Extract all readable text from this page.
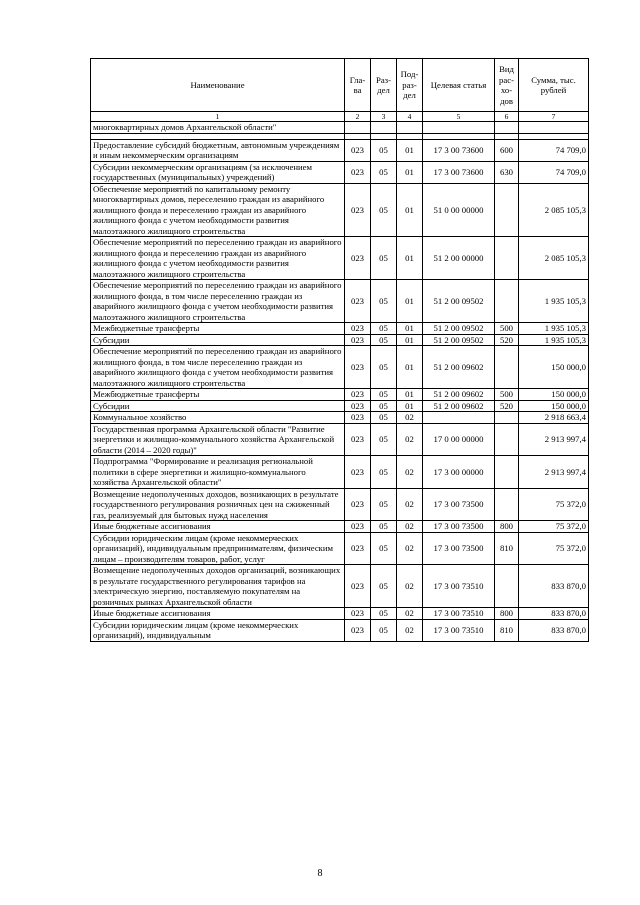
Наименование	Гла-ва	Раз-дел	Под-раз-дел	Целевая статья	Вид рас-хо-дов	Сумма, тыс. рублей
1	2	3	4	5	6	7
многоквартирных домов Архангельской области"						

Предоставление субсидий бюджетным, автономным учреждениям и иным некоммерческим организациям	023	05	01	17 3 00 73600	600	74 709,0
Субсидии некоммерческим организациям (за исключением государственных (муниципальных) учреждений)	023	05	01	17 3 00 73600	630	74 709,0
Обеспечение мероприятий по капитальному ремонту многоквартирных домов, переселению граждан из аварийного жилищного фонда и переселению граждан из аварийного жилищного фонда с учетом необходимости развития малоэтажного жилищного строительства	023	05	01	51 0 00 00000		2 085 105,3
Обеспечение мероприятий по переселению граждан из аварийного жилищного фонда и переселению граждан из аварийного жилищного фонда с учетом необходимости развития малоэтажного жилищного строительства	023	05	01	51 2 00 00000		2 085 105,3
Обеспечение мероприятий по переселению граждан из аварийного жилищного фонда, в том числе переселению граждан из аварийного жилищного фонда с учетом необходимости развития малоэтажного жилищного строительства	023	05	01	51 2 00 09502		1 935 105,3
Межбюджетные трансферты	023	05	01	51 2 00 09502	500	1 935 105,3
Субсидии	023	05	01	51 2 00 09502	520	1 935 105,3
Обеспечение мероприятий по переселению граждан из аварийного жилищного фонда, в том числе переселению граждан из аварийного жилищного фонда с учетом необходимости развития малоэтажного жилищного строительства	023	05	01	51 2 00 09602		150 000,0
Межбюджетные трансферты	023	05	01	51 2 00 09602	500	150 000,0
Субсидии	023	05	01	51 2 00 09602	520	150 000,0
Коммунальное хозяйство	023	05	02			2 918 663,4
Государственная программа Архангельской области "Развитие энергетики и жилищно-коммунального хозяйства Архангельской области (2014 – 2020 годы)"	023	05	02	17 0 00 00000		2 913 997,4
Подпрограмма "Формирование и реализация региональной политики в сфере энергетики и жилищно-коммунального хозяйства Архангельской области"	023	05	02	17 3 00 00000		2 913 997,4
Возмещение недополученных доходов, возникающих в результате государственного регулирования розничных цен на сжиженный газ, реализуемый для бытовых нужд населения	023	05	02	17 3 00 73500		75 372,0
Иные бюджетные ассигнования	023	05	02	17 3 00 73500	800	75 372,0
Субсидии юридическим лицам (кроме некоммерческих организаций), индивидуальным предпринимателям, физическим лицам – производителям товаров, работ, услуг	023	05	02	17 3 00 73500	810	75 372,0
Возмещение недополученных доходов организаций, возникающих в результате государственного регулирования тарифов на электрическую энергию, поставляемую покупателям на розничных рынках Архангельской области	023	05	02	17 3 00 73510		833 870,0
Иные бюджетные ассигнования	023	05	02	17 3 00 73510	800	833 870,0
Субсидии юридическим лицам (кроме некоммерческих организаций), индивидуальным	023	05	02	17 3 00 73510	810	833 870,0
8
